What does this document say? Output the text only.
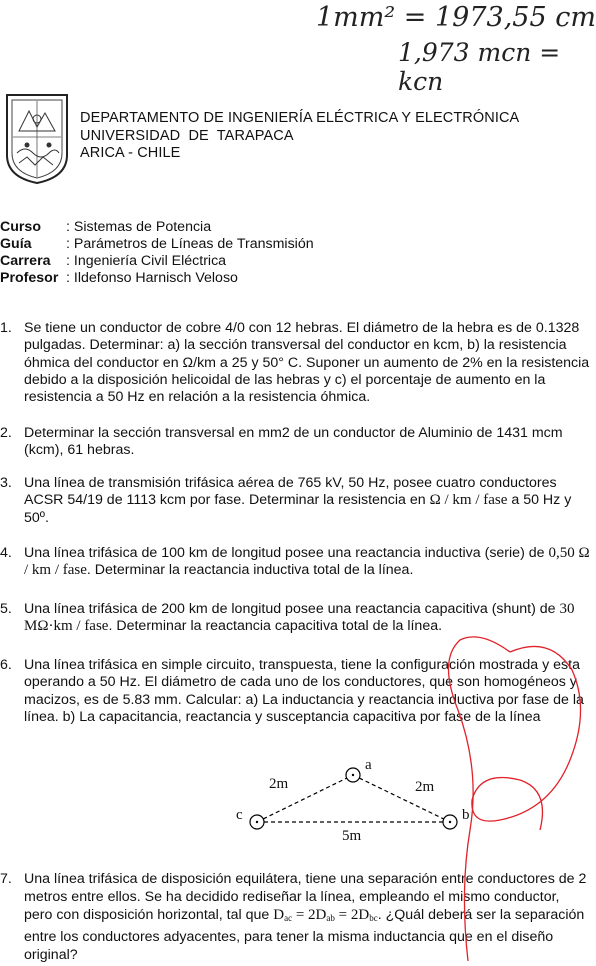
1mm² = 1973,55 cm
1,973 mcn = kcn
DEPARTAMENTO DE INGENIERÍA ELÉCTRICA Y ELECTRÓNICA
UNIVERSIDAD  DE  TARAPACA
ARICA - CHILE
Curso : Sistemas de Potencia
Guía : Parámetros de Líneas de Transmisión
Carrera : Ingeniería Civil Eléctrica
Profesor : Ildefonso Harnisch Veloso
1. Se tiene un conductor de cobre 4/0 con 12 hebras. El diámetro de la hebra es de 0.1328 pulgadas. Determinar: a) la sección transversal del conductor en kcm, b) la resistencia óhmica del conductor en Ω/km a 25 y 50° C. Suponer un aumento de 2% en la resistencia debido a la disposición helicoidal de las hebras y c) el porcentaje de aumento en la resistencia a 50 Hz en relación a la resistencia óhmica.
2. Determinar la sección transversal en mm2 de un conductor de Aluminio de 1431 mcm (kcm), 61 hebras.
3. Una línea de transmisión trifásica aérea de 765 kV, 50 Hz, posee cuatro conductores ACSR 54/19 de 1113 kcm por fase. Determinar la resistencia en Ω / km / fase a 50 Hz y 50º.
4. Una línea trifásica de 100 km de longitud posee una reactancia inductiva (serie) de 0,50 Ω / km / fase. Determinar la reactancia inductiva total de la línea.
5. Una línea trifásica de 200 km de longitud posee una reactancia capacitiva (shunt) de 30 MΩ·km / fase. Determinar la reactancia capacitiva total de la línea.
6. Una línea trifásica en simple circuito, transpuesta, tiene la configuración mostrada y esta operando a 50 Hz. El diámetro de cada uno de los conductores, que son homogéneos y macizos, es de 5.83 mm. Calcular: a) La inductancia y reactancia inductiva por fase de la línea. b) La capacitancia, reactancia y susceptancia capacitiva por fase de la línea
a
b
c
2m	2m
5m
7. Una línea trifásica de disposición equilátera, tiene una separación entre conductores de 2 metros entre ellos. Se ha decidido rediseñar la línea, empleando el mismo conductor, pero con disposición horizontal, tal que $D_{ac} = 2D_{ab} = 2D_{bc}$. ¿Quál deberá ser la separación entre los conductores adyacentes, para tener la misma inductancia que en el diseño original?
